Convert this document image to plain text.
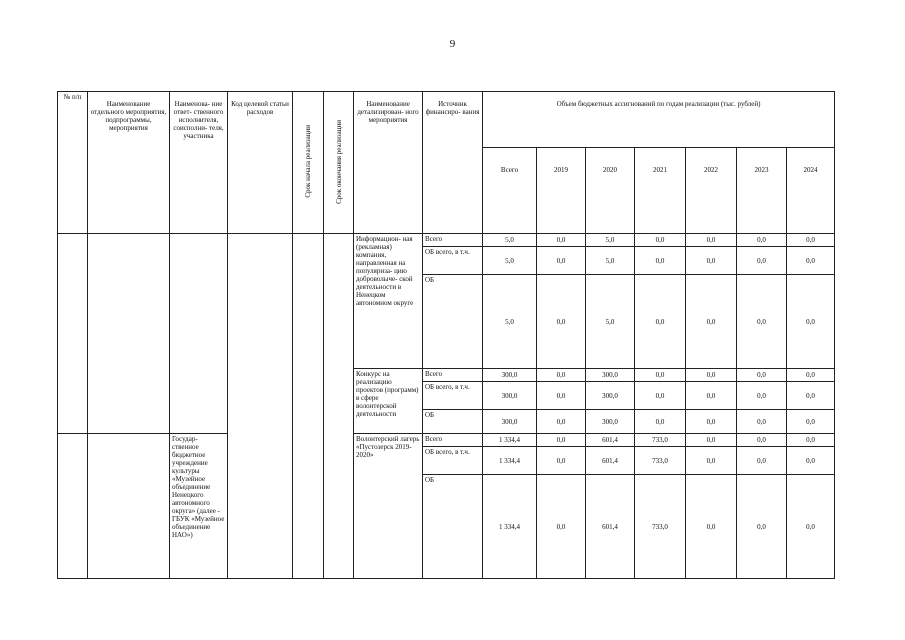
9
№ п/п	Наименование отдельного мероприятия, подпрограммы, мероприятия	Наименова- ние ответ- ственного исполнителя, соисполни- теля, участника	Код целевой статьи расходов	Срок начала реализации	Срок окончания реализации	Наименование детализирован- ного мероприятия	Источник финансиро- вания	Объем бюджетных ассигнований по годам реализации (тыс. рублей)						
								Всего	2019	2020	2021	2022	2023	2024
						Информацион- ная (рекламная) компания, направленная на популяриза- цию доброволыче- ской деятельности в Ненецком автономном округе	Всего	5,0	0,0	5,0	0,0	0,0	0,0	0,0
							ОБ всего, в т.ч.	5,0	0,0	5,0	0,0	0,0	0,0	0,0
							ОБ	5,0	0,0	5,0	0,0	0,0	0,0	0,0
						Конкурс на реализацию проектов (программ) в сфере волонтерской деятельности	Всего	300,0	0,0	300,0	0,0	0,0	0,0	0,0
							ОБ всего, в т.ч.	300,0	0,0	300,0	0,0	0,0	0,0	0,0
							ОБ	300,0	0,0	300,0	0,0	0,0	0,0	0,0
		Государ- ственное бюджетное учреждение культуры «Музейное объединение Ненецкого автономного округа» (далее - ГБУК «Музейное объединение НАО»)				Волонтерский лагерь «Пустозерск 2019-2020»	Всего	1 334,4	0,0	601,4	733,0	0,0	0,0	0,0
							ОБ всего, в т.ч.	1 334,4	0,0	601,4	733,0	0,0	0,0	0,0
							ОБ	1 334,4	0,0	601,4	733,0	0,0	0,0	0,0
